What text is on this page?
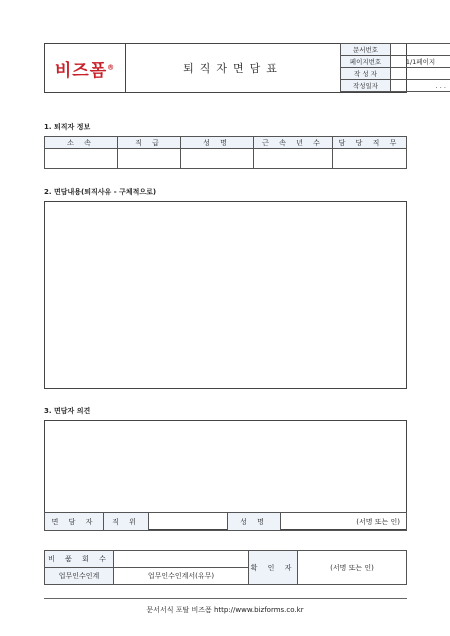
비즈폼®	퇴직자면담표
문서번호	
페이지번호	1/1페이지
작 성 자	
작성일자	. . .
1. 퇴직자 정보
소 속	직 급	성 명	근 속 년 수	담 당 직 무

2. 면담내용(퇴직사유 - 구체적으로)
3. 면담자 의견
면 담 자	직 위		성 명	(서명 또는 인)
비 품 회 수		확 인 자	(서명 또는 인)
업무인수인계	업무인수인계서(유무)		
문서서식 포탈 비즈폼 http://www.bizforms.co.kr
